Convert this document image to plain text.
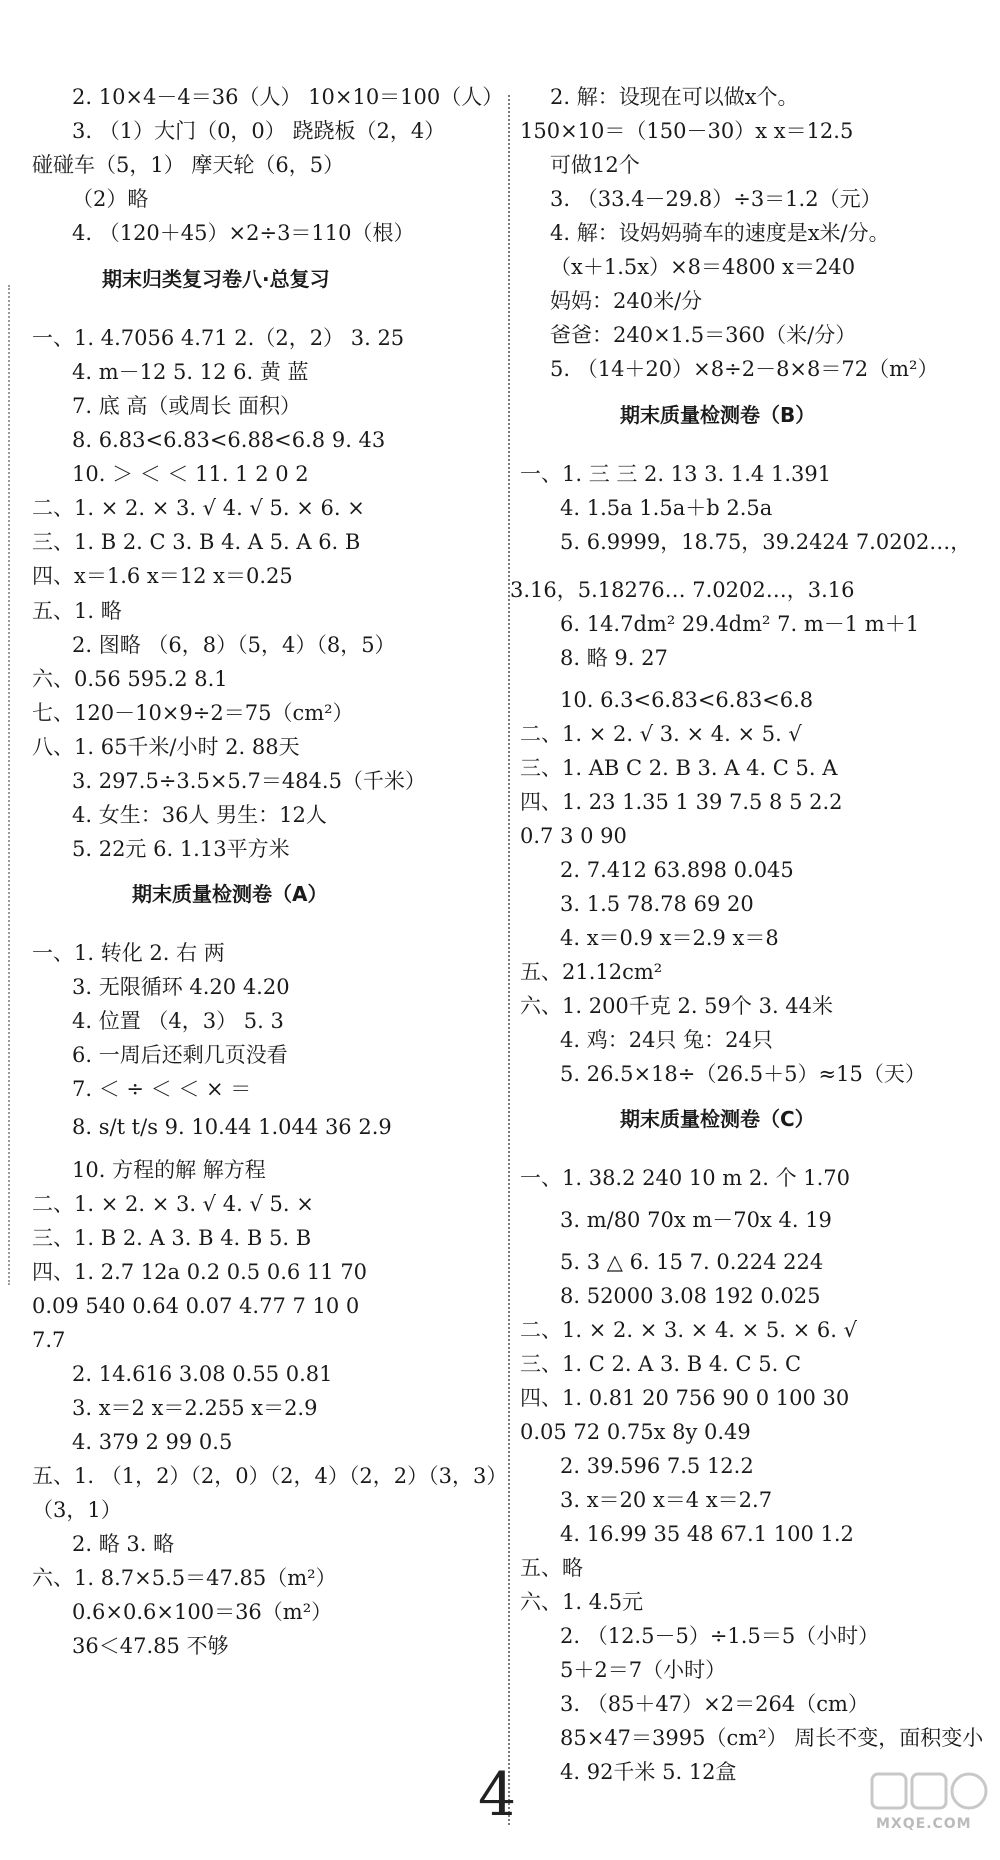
2. 10×4－4＝36（人） 10×10＝100（人）
3. （1）大门（0，0） 跷跷板（2，4）
碰碰车（5，1） 摩天轮（6，5）
（2）略
4. （120＋45）×2÷3＝110（根）
期末归类复习卷八·总复习
一、1. 4.7056 4.71 2.（2，2） 3. 25
4. m－12 5. 12 6. 黄 蓝
7. 底 高（或周长 面积）
8. 6.83<6.83<6.88<6.8 9. 43
10. ＞ ＜ ＜ 11. 1 2 0 2
二、1. × 2. × 3. √ 4. √ 5. × 6. ×
三、1. B 2. C 3. B 4. A 5. A 6. B
四、x＝1.6 x＝12 x＝0.25
五、1. 略
2. 图略 （6，8）（5，4）（8，5）
六、0.56 595.2 8.1
七、120－10×9÷2＝75（cm²）
八、1. 65千米/小时 2. 88天
3. 297.5÷3.5×5.7＝484.5（千米）
4. 女生：36人 男生：12人
5. 22元 6. 1.13平方米
期末质量检测卷（A）
一、1. 转化 2. 右 两
3. 无限循环 4.20 4.20
4. 位置 （4，3） 5. 3
6. 一周后还剩几页没看
7. ＜ ÷ ＜ ＜ × ＝
8. s/t t/s 9. 10.44 1.044 36 2.9
10. 方程的解 解方程
二、1. × 2. × 3. √ 4. √ 5. ×
三、1. B 2. A 3. B 4. B 5. B
四、1. 2.7 12a 0.2 0.5 0.6 11 70
0.09 540 0.64 0.07 4.77 7 10 0
7.7
2. 14.616 3.08 0.55 0.81
3. x＝2 x＝2.255 x＝2.9
4. 379 2 99 0.5
五、1. （1，2）（2，0）（2，4）（2，2）（3，3）
（3，1）
2. 略 3. 略
六、1. 8.7×5.5＝47.85（m²）
0.6×0.6×100＝36（m²）
36＜47.85 不够
2. 解：设现在可以做x个。
150×10＝（150－30）x x＝12.5
可做12个
3. （33.4－29.8）÷3＝1.2（元）
4. 解：设妈妈骑车的速度是x米/分。
（x＋1.5x）×8＝4800 x＝240
妈妈：240米/分
爸爸：240×1.5＝360（米/分）
5. （14＋20）×8÷2－8×8＝72（m²）
期末质量检测卷（B）
一、1. 三 三 2. 13 3. 1.4 1.391
4. 1.5a 1.5a＋b 2.5a
5. 6.9999，18.75，39.2424 7.0202…，
3.16，5.18276… 7.0202…，3.16
6. 14.7dm² 29.4dm² 7. m－1 m＋1
8. 略 9. 27
10. 6.3<6.83<6.83<6.8
二、1. × 2. √ 3. × 4. × 5. √
三、1. AB C 2. B 3. A 4. C 5. A
四、1. 23 1.35 1 39 7.5 8 5 2.2
0.7 3 0 90
2. 7.412 63.898 0.045
3. 1.5 78.78 69 20
4. x＝0.9 x＝2.9 x＝8
五、21.12cm²
六、1. 200千克 2. 59个 3. 44米
4. 鸡：24只 兔：24只
5. 26.5×18÷（26.5＋5）≈15（天）
期末质量检测卷（C）
一、1. 38.2 240 10 m 2. 个 1.70
3. m/80 70x m－70x 4. 19
5. 3 △ 6. 15 7. 0.224 224
8. 52000 3.08 192 0.025
二、1. × 2. × 3. × 4. × 5. × 6. √
三、1. C 2. A 3. B 4. C 5. C
四、1. 0.81 20 756 90 0 100 30
0.05 72 0.75x 8y 0.49
2. 39.596 7.5 12.2
3. x＝20 x＝4 x＝2.7
4. 16.99 35 48 67.1 100 1.2
五、略
六、1. 4.5元
2. （12.5－5）÷1.5＝5（小时）
5＋2＝7（小时）
3. （85＋47）×2＝264（cm）
85×47＝3995（cm²） 周长不变，面积变小
4. 92千米 5. 12盒
4	MXQE.COM
